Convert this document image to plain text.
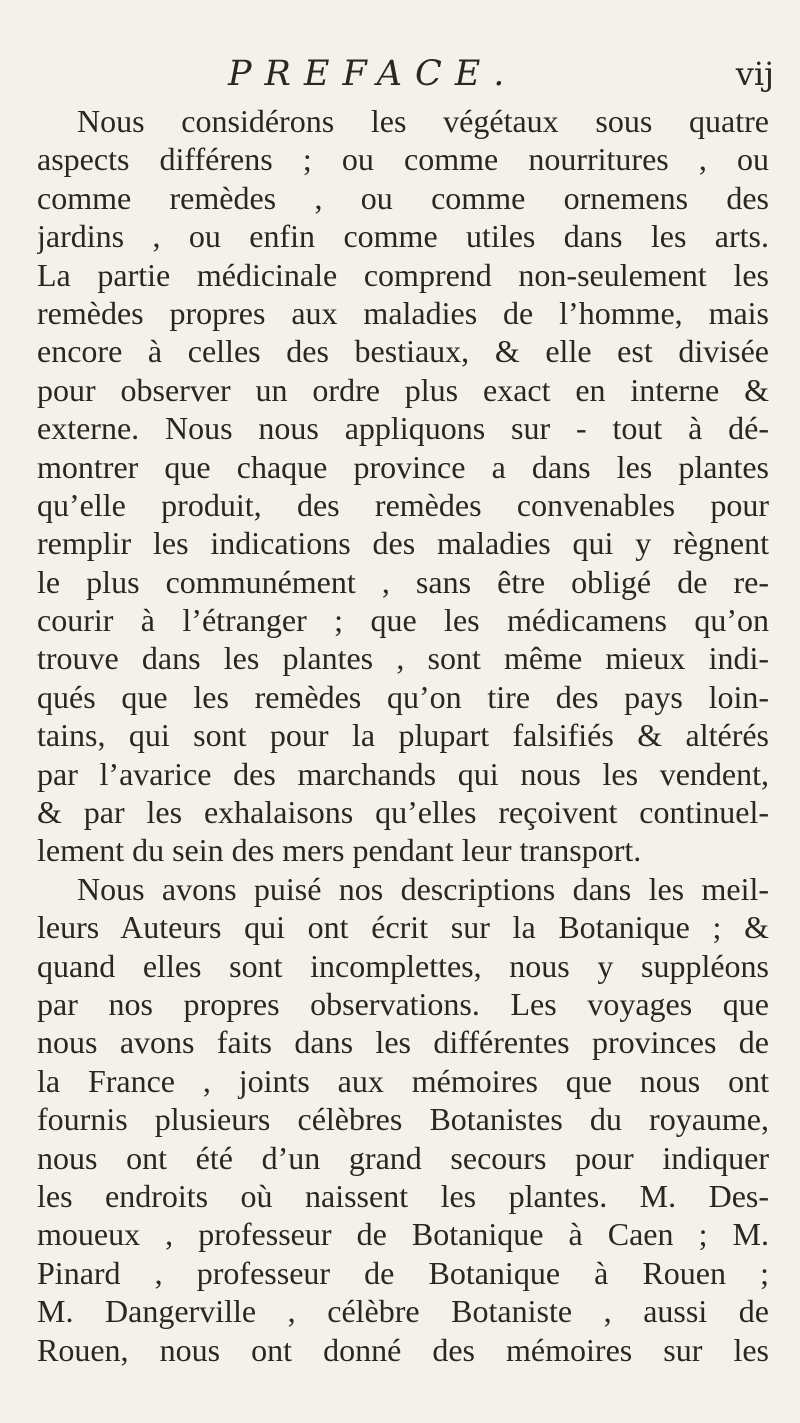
PREFACE.	vij
Nous considérons les végétaux sous quatre
aspects différens ; ou comme nourritures , ou
comme remèdes , ou comme ornemens des
jardins , ou enfin comme utiles dans les arts.
La partie médicinale comprend non-seulement les
remèdes propres aux maladies de l’homme, mais
encore à celles des bestiaux, & elle est divisée
pour observer un ordre plus exact en interne &
externe. Nous nous appliquons sur - tout à dé-
montrer que chaque province a dans les plantes
qu’elle produit, des remèdes convenables pour
remplir les indications des maladies qui y règnent
le plus communément , sans être obligé de re-
courir à l’étranger ; que les médicamens qu’on
trouve dans les plantes , sont même mieux indi-
qués que les remèdes qu’on tire des pays loin-
tains, qui sont pour la plupart falsifiés & altérés
par l’avarice des marchands qui nous les vendent,
& par les exhalaisons qu’elles reçoivent continuel-
lement du sein des mers pendant leur transport.
Nous avons puisé nos descriptions dans les meil-
leurs Auteurs qui ont écrit sur la Botanique ; &
quand elles sont incomplettes, nous y suppléons
par nos propres observations. Les voyages que
nous avons faits dans les différentes provinces de
la France , joints aux mémoires que nous ont
fournis plusieurs célèbres Botanistes du royaume,
nous ont été d’un grand secours pour indiquer
les endroits où naissent les plantes. M. Des-
moueux , professeur de Botanique à Caen ; M.
Pinard , professeur de Botanique à Rouen ;
M. Dangerville , célèbre Botaniste , aussi de
Rouen, nous ont donné des mémoires sur les
